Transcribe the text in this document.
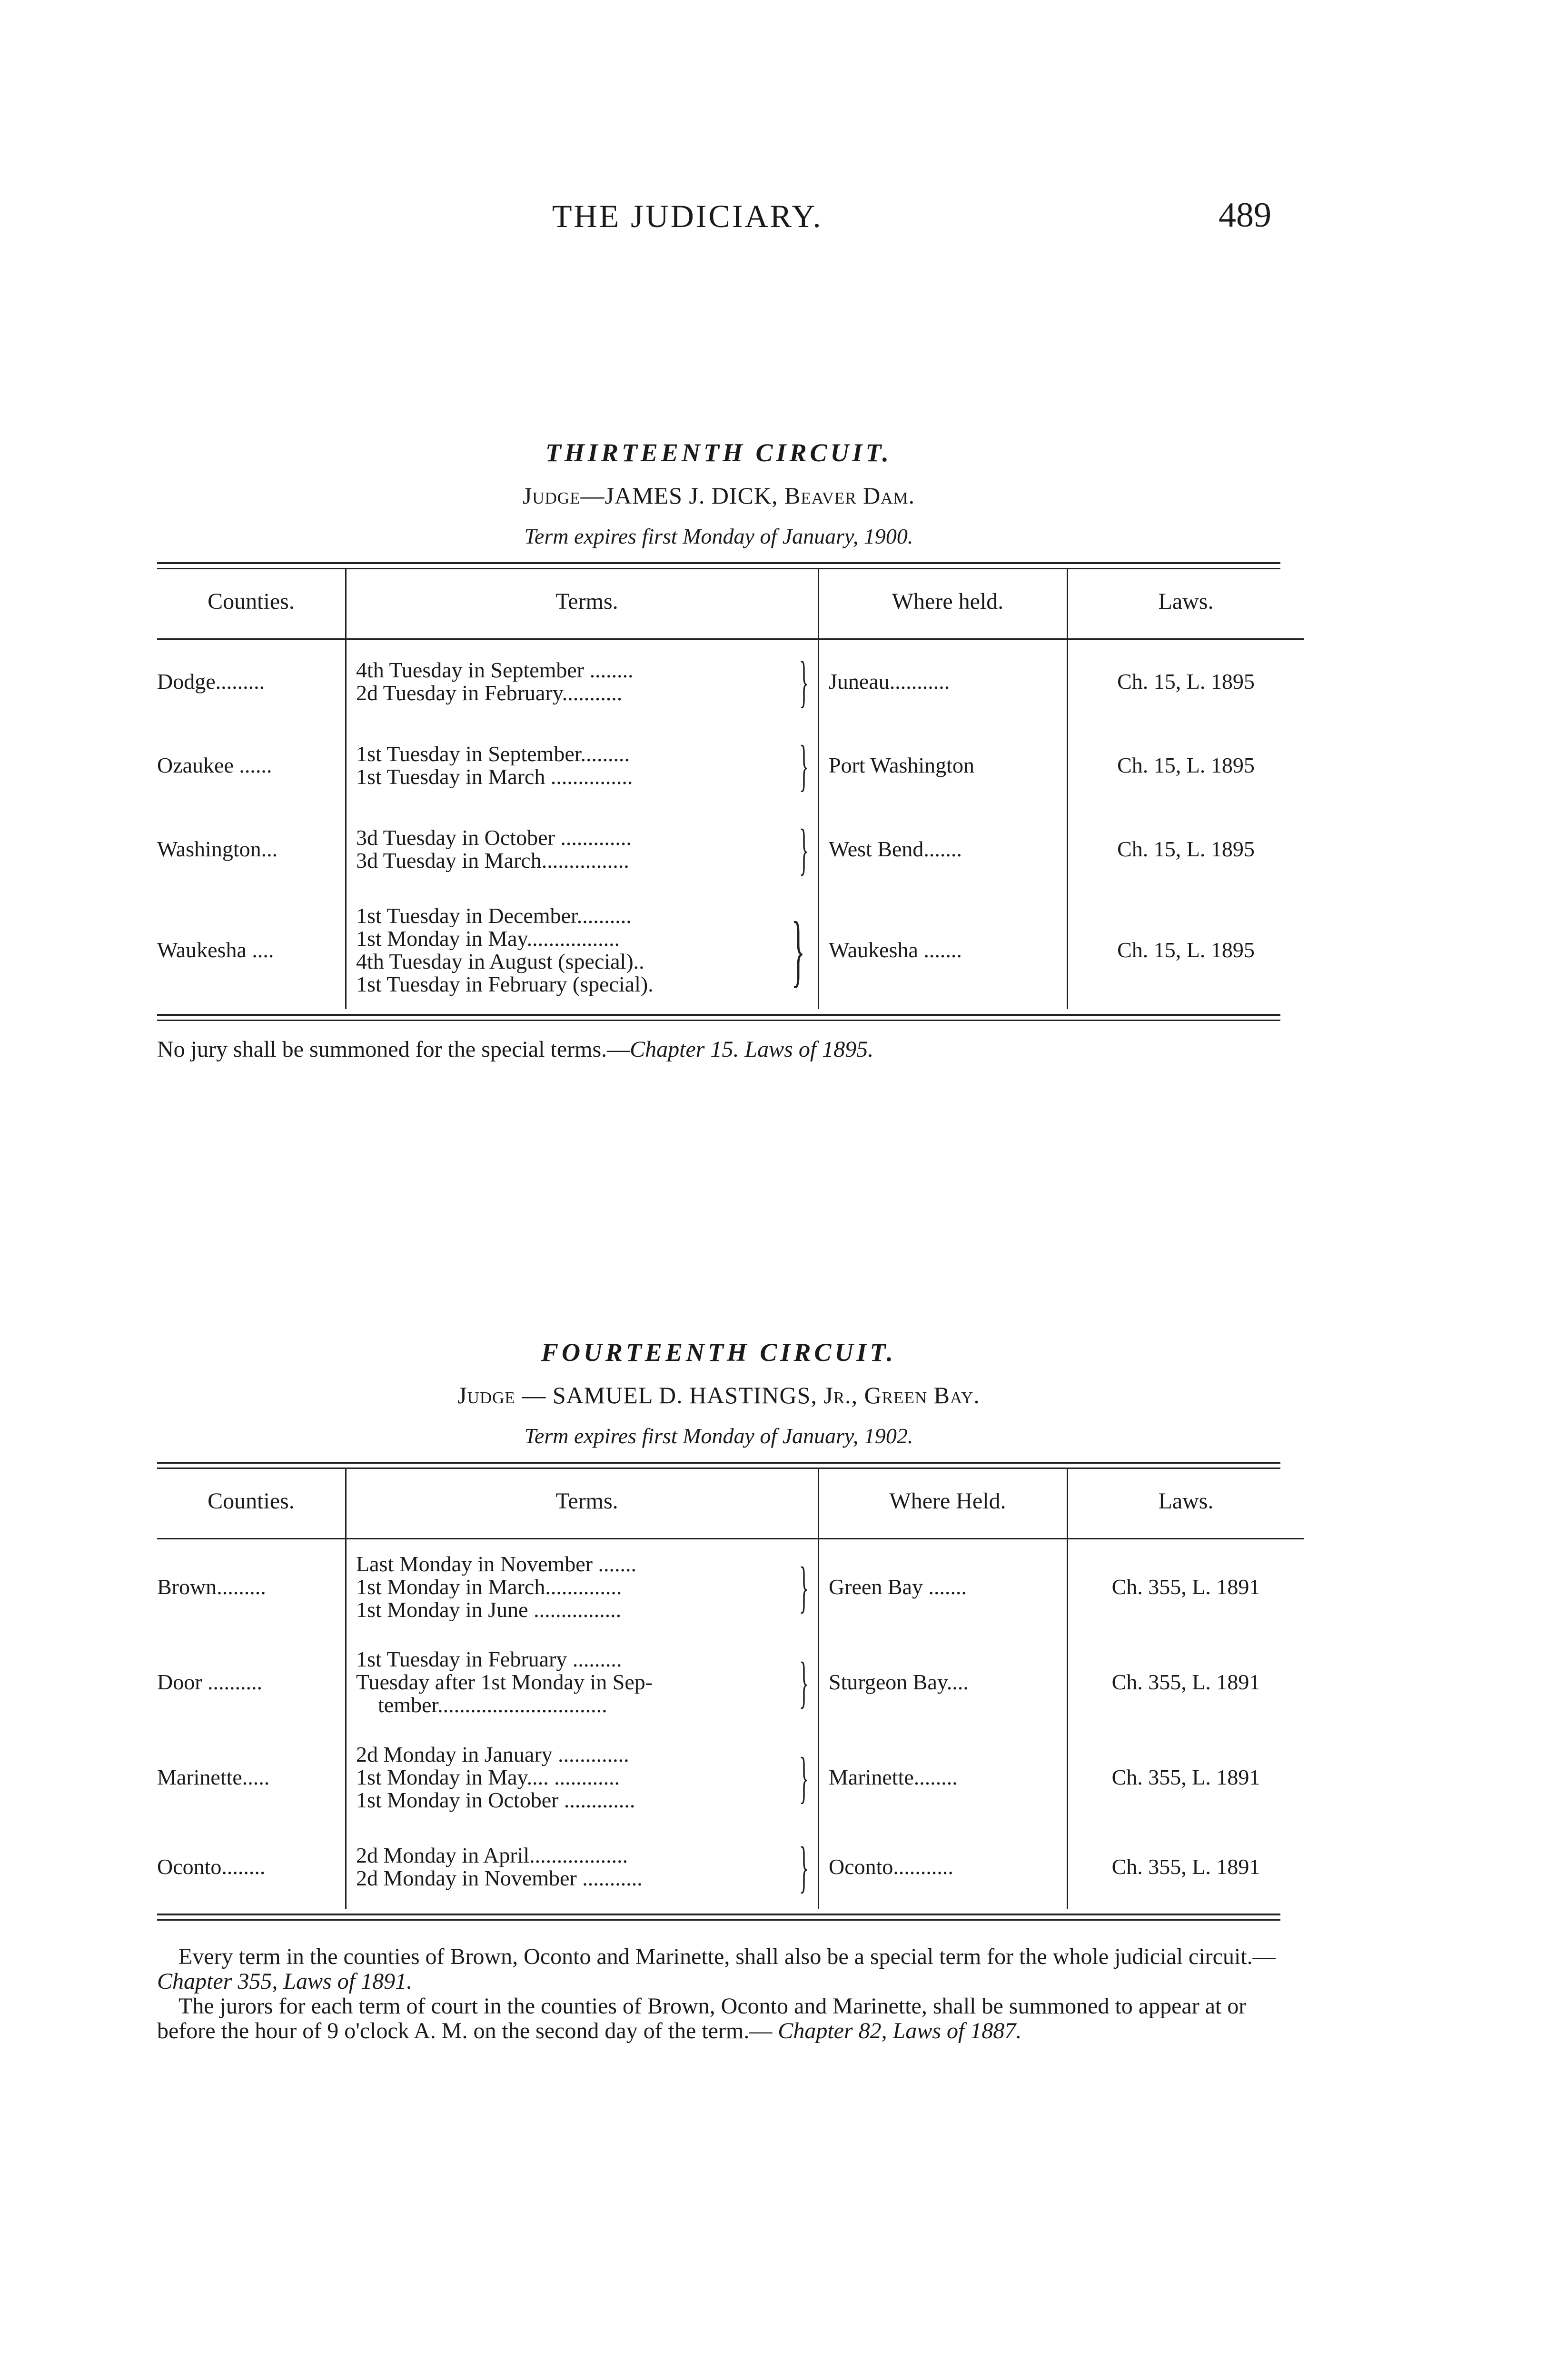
THE JUDICIARY.	489

THIRTEENTH CIRCUIT.

Judge—JAMES J. DICK, Beaver Dam.
Term expires first Monday of January, 1900.
Counties.	Terms.	Where held.	Laws.
Dodge.........	4th Tuesday in September ........
2d Tuesday in February........... }	Juneau...........	Ch. 15, L. 1895
Ozaukee ......	1st Tuesday in September.........
1st Tuesday in March ............... }	Port Washington	Ch. 15, L. 1895
Washington...	3d Tuesday in October .............
3d Tuesday in March................ }	West Bend.......	Ch. 15, L. 1895
Waukesha ....	1st Tuesday in December..........
1st Monday in May.................
4th Tuesday in August (special)..
1st Tuesday in February (special). }	Waukesha .......	Ch. 15, L. 1895
No jury shall be summoned for the special terms.—Chapter 15. Laws of 1895.

FOURTEENTH CIRCUIT.

Judge — SAMUEL D. HASTINGS, Jr., Green Bay.
Term expires first Monday of January, 1902.
Counties.	Terms.	Where Held.	Laws.
Brown.........	Last Monday in November .......
1st Monday in March..............
1st Monday in June ................ }	Green Bay .......	Ch. 355, L. 1891
Door ..........	1st Tuesday in February .........
Tuesday after 1st Monday in Sep-
tember............................... }	Sturgeon Bay....	Ch. 355, L. 1891
Marinette.....	2d Monday in January .............
1st Monday in May.... ............
1st Monday in October ............. }	Marinette........	Ch. 355, L. 1891
Oconto........	2d Monday in April..................
2d Monday in November ........... }	Oconto...........	Ch. 355, L. 1891
Every term in the counties of Brown, Oconto and Marinette, shall also be a special term for the whole judicial circuit.—Chapter 355, Laws of 1891.
The jurors for each term of court in the counties of Brown, Oconto and Marinette, shall be summoned to appear at or before the hour of 9 o'clock A. M. on the second day of the term.— Chapter 82, Laws of 1887.
